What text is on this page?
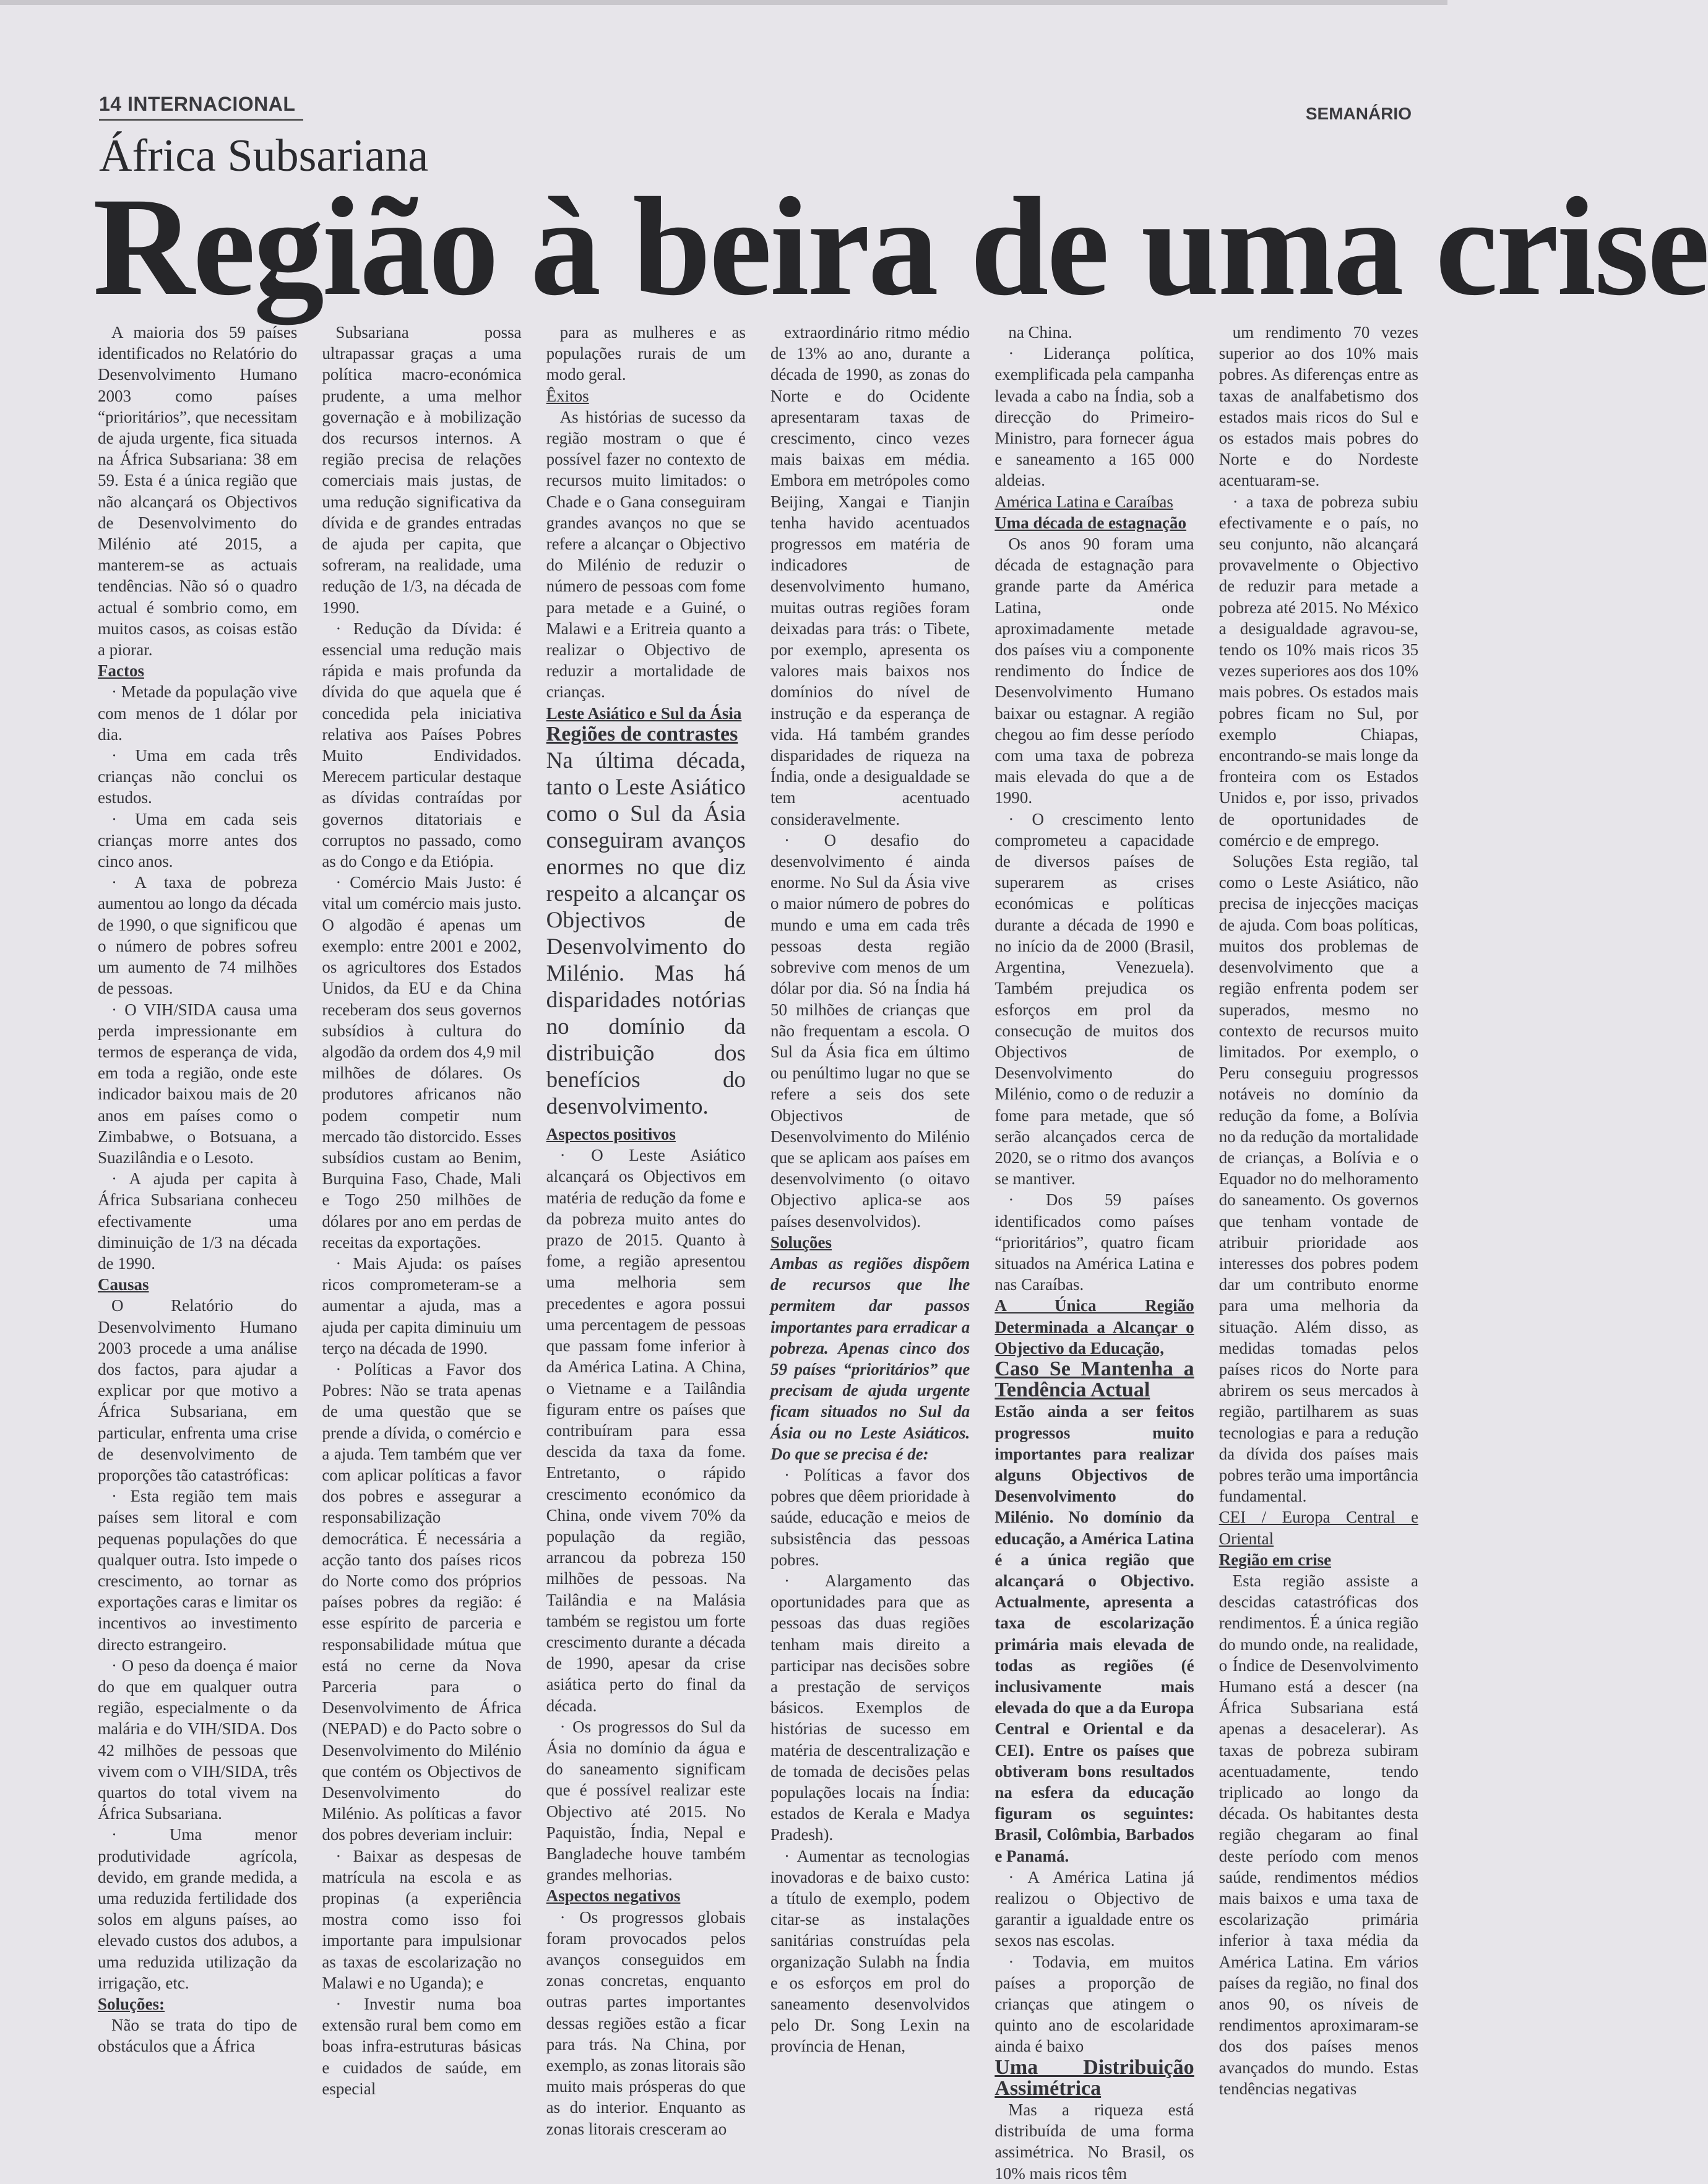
14 INTERNACIONAL	SEMANÁRIO
África Subsariana
Região à beira de uma crise

A maioria dos 59 países identificados no Relatório do Desenvolvimento Humano 2003 como países “prioritários”, que necessitam de ajuda urgente, fica situada na África Subsariana: 38 em 59. Esta é a única região que não alcançará os Objectivos de Desenvolvimento do Milénio até 2015, a manterem-se as actuais tendências. Não só o quadro actual é sombrio como, em muitos casos, as coisas estão a piorar.

Factos

· Metade da população vive com menos de 1 dólar por dia.

· Uma em cada três crianças não conclui os estudos.

· Uma em cada seis crianças morre antes dos cinco anos.

· A taxa de pobreza aumentou ao longo da década de 1990, o que significou que o número de pobres sofreu um aumento de 74 milhões de pessoas.

· O VIH/SIDA causa uma perda impressionante em termos de esperança de vida, em toda a região, onde este indicador baixou mais de 20 anos em países como o Zimbabwe, o Botsuana, a Suazilândia e o Lesoto.

· A ajuda per capita à África Subsariana conheceu efectivamente uma diminuição de 1/3 na década de 1990.

Causas

O Relatório do Desenvolvimento Humano 2003 procede a uma análise dos factos, para ajudar a explicar por que motivo a África Subsariana, em particular, enfrenta uma crise de desenvolvimento de proporções tão catastróficas:

· Esta região tem mais países sem litoral e com pequenas populações do que qualquer outra. Isto impede o crescimento, ao tornar as exportações caras e limitar os incentivos ao investimento directo estrangeiro.

· O peso da doença é maior do que em qualquer outra região, especialmente o da malária e do VIH/SIDA. Dos 42 milhões de pessoas que vivem com o VIH/SIDA, três quartos do total vivem na África Subsariana.

· Uma menor produtividade agrícola, devido, em grande medida, a uma reduzida fertilidade dos solos em alguns países, ao elevado custos dos adubos, a uma reduzida utilização da irrigação, etc.

Soluções:

Não se trata do tipo de obstáculos que a África

Subsariana possa ultrapassar graças a uma política macro-económica prudente, a uma melhor governação e à mobilização dos recursos internos. A região precisa de relações comerciais mais justas, de uma redução significativa da dívida e de grandes entradas de ajuda per capita, que sofreram, na realidade, uma redução de 1/3, na década de 1990.

· Redução da Dívida: é essencial uma redução mais rápida e mais profunda da dívida do que aquela que é concedida pela iniciativa relativa aos Países Pobres Muito Endividados. Merecem particular destaque as dívidas contraídas por governos ditatoriais e corruptos no passado, como as do Congo e da Etiópia.

· Comércio Mais Justo: é vital um comércio mais justo. O algodão é apenas um exemplo: entre 2001 e 2002, os agricultores dos Estados Unidos, da EU e da China receberam dos seus governos subsídios à cultura do algodão da ordem dos 4,9 mil milhões de dólares. Os produtores africanos não podem competir num mercado tão distorcido. Esses subsídios custam ao Benim, Burquina Faso, Chade, Mali e Togo 250 milhões de dólares por ano em perdas de receitas da exportações.

· Mais Ajuda: os países ricos comprometeram-se a aumentar a ajuda, mas a ajuda per capita diminuiu um terço na década de 1990.

· Políticas a Favor dos Pobres: Não se trata apenas de uma questão que se prende a dívida, o comércio e a ajuda. Tem também que ver com aplicar políticas a favor dos pobres e assegurar a responsabilização democrática. É necessária a acção tanto dos países ricos do Norte como dos próprios países pobres da região: é esse espírito de parceria e responsabilidade mútua que está no cerne da Nova Parceria para o Desenvolvimento de África (NEPAD) e do Pacto sobre o Desenvolvimento do Milénio que contém os Objectivos de Desenvolvimento do Milénio. As políticas a favor dos pobres deveriam incluir:

· Baixar as despesas de matrícula na escola e as propinas (a experiência mostra como isso foi importante para impulsionar as taxas de escolarização no Malawi e no Uganda); e

· Investir numa boa extensão rural bem como em boas infra-estruturas básicas e cuidados de saúde, em especial

para as mulheres e as populações rurais de um modo geral.

Êxitos

As histórias de sucesso da região mostram o que é possível fazer no contexto de recursos muito limitados: o Chade e o Gana conseguiram grandes avanços no que se refere a alcançar o Objectivo do Milénio de reduzir o número de pessoas com fome para metade e a Guiné, o Malawi e a Eritreia quanto a realizar o Objectivo de reduzir a mortalidade de crianças.

Leste Asiático e Sul da Ásia

Regiões de contrastes

Na última década, tanto o Leste Asiático como o Sul da Ásia conseguiram avanços enormes no que diz respeito a alcançar os Objectivos de Desenvolvimento do Milénio. Mas há disparidades notórias no domínio da distribuição dos benefícios do desenvolvimento.

Aspectos positivos

· O Leste Asiático alcançará os Objectivos em matéria de redução da fome e da pobreza muito antes do prazo de 2015. Quanto à fome, a região apresentou uma melhoria sem precedentes e agora possui uma percentagem de pessoas que passam fome inferior à da América Latina. A China, o Vietname e a Tailândia figuram entre os países que contribuíram para essa descida da taxa da fome. Entretanto, o rápido crescimento económico da China, onde vivem 70% da população da região, arrancou da pobreza 150 milhões de pessoas. Na Tailândia e na Malásia também se registou um forte crescimento durante a década de 1990, apesar da crise asiática perto do final da década.

· Os progressos do Sul da Ásia no domínio da água e do saneamento significam que é possível realizar este Objectivo até 2015. No Paquistão, Índia, Nepal e Bangladeche houve também grandes melhorias.

Aspectos negativos

· Os progressos globais foram provocados pelos avanços conseguidos em zonas concretas, enquanto outras partes importantes dessas regiões estão a ficar para trás. Na China, por exemplo, as zonas litorais são muito mais prósperas do que as do interior. Enquanto as zonas litorais cresceram ao

extraordinário ritmo médio de 13% ao ano, durante a década de 1990, as zonas do Norte e do Ocidente apresentaram taxas de crescimento, cinco vezes mais baixas em média. Embora em metrópoles como Beijing, Xangai e Tianjin tenha havido acentuados progressos em matéria de indicadores de desenvolvimento humano, muitas outras regiões foram deixadas para trás: o Tibete, por exemplo, apresenta os valores mais baixos nos domínios do nível de instrução e da esperança de vida. Há também grandes disparidades de riqueza na Índia, onde a desigualdade se tem acentuado consideravelmente.

· O desafio do desenvolvimento é ainda enorme. No Sul da Ásia vive o maior número de pobres do mundo e uma em cada três pessoas desta região sobrevive com menos de um dólar por dia. Só na Índia há 50 milhões de crianças que não frequentam a escola. O Sul da Ásia fica em último ou penúltimo lugar no que se refere a seis dos sete Objectivos de Desenvolvimento do Milénio que se aplicam aos países em desenvolvimento (o oitavo Objectivo aplica-se aos países desenvolvidos).

Soluções

Ambas as regiões dispõem de recursos que lhe permitem dar passos importantes para erradicar a pobreza. Apenas cinco dos 59 países “prioritários” que precisam de ajuda urgente ficam situados no Sul da Ásia ou no Leste Asiáticos. Do que se precisa é de:

· Políticas a favor dos pobres que dêem prioridade à saúde, educação e meios de subsistência das pessoas pobres.

· Alargamento das oportunidades para que as pessoas das duas regiões tenham mais direito a participar nas decisões sobre a prestação de serviços básicos. Exemplos de histórias de sucesso em matéria de descentralização e de tomada de decisões pelas populações locais na Índia: estados de Kerala e Madya Pradesh).

· Aumentar as tecnologias inovadoras e de baixo custo: a título de exemplo, podem citar-se as instalações sanitárias construídas pela organização Sulabh na Índia e os esforços em prol do saneamento desenvolvidos pelo Dr. Song Lexin na província de Henan,

na China.

· Liderança política, exemplificada pela campanha levada a cabo na Índia, sob a direcção do Primeiro-Ministro, para fornecer água e saneamento a 165 000 aldeias.

América Latina e Caraíbas

Uma década de estagnação

Os anos 90 foram uma década de estagnação para grande parte da América Latina, onde aproximadamente metade dos países viu a componente rendimento do Índice de Desenvolvimento Humano baixar ou estagnar. A região chegou ao fim desse período com uma taxa de pobreza mais elevada do que a de 1990.

· O crescimento lento comprometeu a capacidade de diversos países de superarem as crises económicas e políticas durante a década de 1990 e no início da de 2000 (Brasil, Argentina, Venezuela). Também prejudica os esforços em prol da consecução de muitos dos Objectivos de Desenvolvimento do Milénio, como o de reduzir a fome para metade, que só serão alcançados cerca de 2020, se o ritmo dos avanços se mantiver.

· Dos 59 países identificados como países “prioritários”, quatro ficam situados na América Latina e nas Caraíbas.

A Única Região Determinada a Alcançar o Objectivo da Educação,

Caso Se Mantenha a Tendência Actual

Estão ainda a ser feitos progressos muito importantes para realizar alguns Objectivos de Desenvolvimento do Milénio. No domínio da educação, a América Latina é a única região que alcançará o Objectivo. Actualmente, apresenta a taxa de escolarização primária mais elevada de todas as regiões (é inclusivamente mais elevada do que a da Europa Central e Oriental e da CEI). Entre os países que obtiveram bons resultados na esfera da educação figuram os seguintes: Brasil, Colômbia, Barbados e Panamá.

· A América Latina já realizou o Objectivo de garantir a igualdade entre os sexos nas escolas.

· Todavia, em muitos países a proporção de crianças que atingem o quinto ano de escolaridade ainda é baixo

Uma Distribuição Assimétrica

Mas a riqueza está distribuída de uma forma assimétrica. No Brasil, os 10% mais ricos têm

um rendimento 70 vezes superior ao dos 10% mais pobres. As diferenças entre as taxas de analfabetismo dos estados mais ricos do Sul e os estados mais pobres do Norte e do Nordeste acentuaram-se.

· a taxa de pobreza subiu efectivamente e o país, no seu conjunto, não alcançará provavelmente o Objectivo de reduzir para metade a pobreza até 2015. No México a desigualdade agravou-se, tendo os 10% mais ricos 35 vezes superiores aos dos 10% mais pobres. Os estados mais pobres ficam no Sul, por exemplo Chiapas, encontrando-se mais longe da fronteira com os Estados Unidos e, por isso, privados de oportunidades de comércio e de emprego.

Soluções Esta região, tal como o Leste Asiático, não precisa de injecções maciças de ajuda. Com boas políticas, muitos dos problemas de desenvolvimento que a região enfrenta podem ser superados, mesmo no contexto de recursos muito limitados. Por exemplo, o Peru conseguiu progressos notáveis no domínio da redução da fome, a Bolívia no da redução da mortalidade de crianças, a Bolívia e o Equador no do melhoramento do saneamento. Os governos que tenham vontade de atribuir prioridade aos interesses dos pobres podem dar um contributo enorme para uma melhoria da situação. Além disso, as medidas tomadas pelos países ricos do Norte para abrirem os seus mercados à região, partilharem as suas tecnologias e para a redução da dívida dos países mais pobres terão uma importância fundamental.

CEI / Europa Central e Oriental

Região em crise

Esta região assiste a descidas catastróficas dos rendimentos. É a única região do mundo onde, na realidade, o Índice de Desenvolvimento Humano está a descer (na África Subsariana está apenas a desacelerar). As taxas de pobreza subiram acentuadamente, tendo triplicado ao longo da década. Os habitantes desta região chegaram ao final deste período com menos saúde, rendimentos médios mais baixos e uma taxa de escolarização primária inferior à taxa média da América Latina. Em vários países da região, no final dos anos 90, os níveis de rendimentos aproximaram-se dos dos países menos avançados do mundo. Estas tendências negativas
